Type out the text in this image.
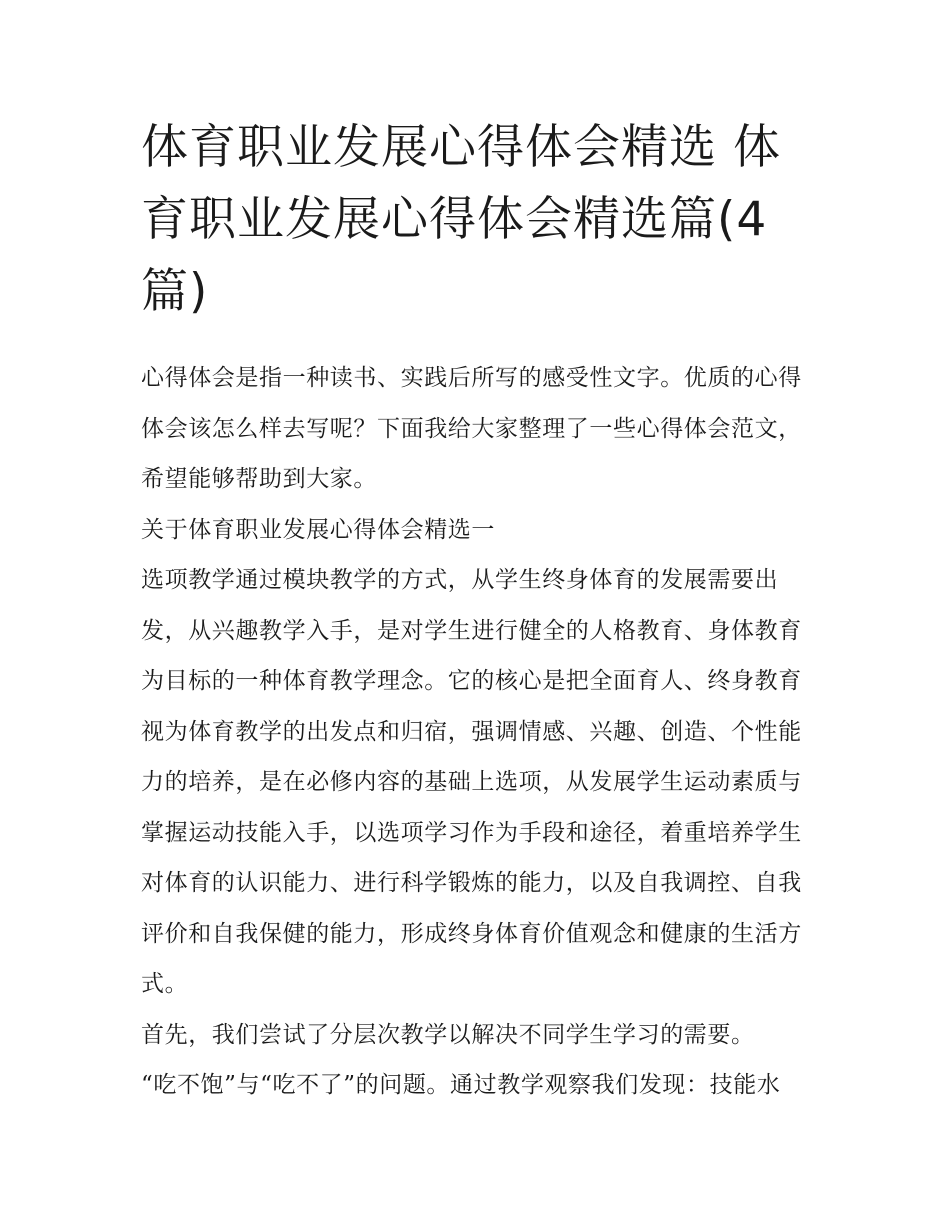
体育职业发展心得体会精选 体育职业发展心得体会精选篇(4篇)

心得体会是指一种读书、实践后所写的感受性文字。优质的心得体会该怎么样去写呢？下面我给大家整理了一些心得体会范文，希望能够帮助到大家。

关于体育职业发展心得体会精选一

选项教学通过模块教学的方式，从学生终身体育的发展需要出发，从兴趣教学入手，是对学生进行健全的人格教育、身体教育为目标的一种体育教学理念。它的核心是把全面育人、终身教育视为体育教学的出发点和归宿，强调情感、兴趣、创造、个性能力的培养，是在必修内容的基础上选项，从发展学生运动素质与掌握运动技能入手，以选项学习作为手段和途径，着重培养学生对体育的认识能力、进行科学锻炼的能力，以及自我调控、自我评价和自我保健的能力，形成终身体育价值观念和健康的生活方式。

首先，我们尝试了分层次教学以解决不同学生学习的需要。

“吃不饱”与“吃不了”的问题。通过教学观察我们发现：技能水
